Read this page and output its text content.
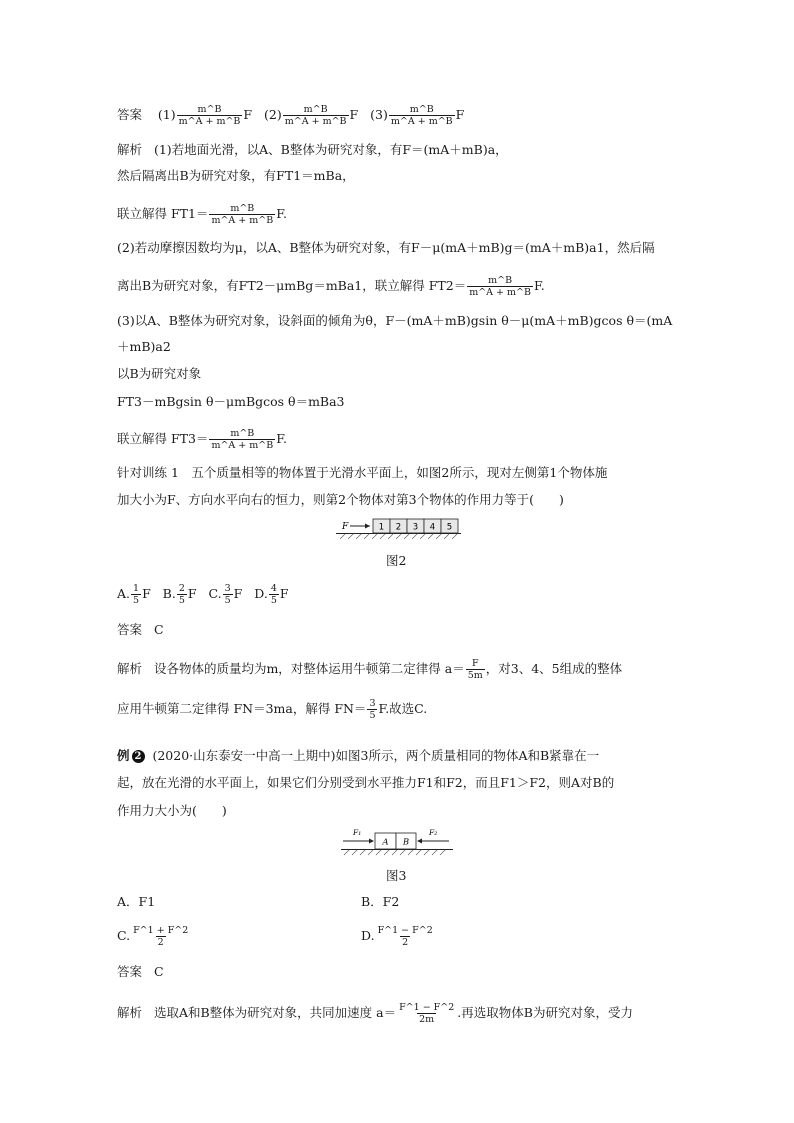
答案 $(1) \frac{m\^{}B}{m\^{}A + m\^{}B}$ F $(2) \frac{m\^{}B}{m\^{}A + m\^{}B}$ F $(3) \frac{m\^{}B}{m\^{}A + m\^{}B}$ F
解析 (1)若地面光滑，以A、B整体为研究对象，有F＝(mA＋mB)a，
然后隔离出B为研究对象，有FT1＝mBa，
联立解得 $FT1= \frac{m\^{}B}{m\^{}A + m\^{}B} F$.
(2)若动摩擦因数均为μ，以A、B整体为研究对象，有F－μ(mA＋mB)g＝(mA＋mB)a1，然后隔
离出B为研究对象，有FT2－μmBg＝mBa1，联立解得 $FT2= \frac{m\^{}B}{m\^{}A + m\^{}B} F$.
(3)以A、B整体为研究对象，设斜面的倾角为θ，F－(mA＋mB)gsin θ－μ(mA＋mB)gcos θ＝(mA
＋mB)a2
以B为研究对象
FT3－mBgsin θ－μmBgcos θ＝mBa3
联立解得 $FT3= \frac{m\^{}B}{m\^{}A + m\^{}B} F$.
针对训练 1　五个质量相等的物体置于光滑水平面上，如图2所示，现对左侧第1个物体施
加大小为F、方向水平向右的恒力，则第2个物体对第3个物体的作用力等于(　　)
F	1 2 3 4 5
图2
A. $\frac{1}{5}$ F B. $\frac{2}{5}$ F C. $\frac{3}{5}$ F D. $\frac{4}{5}$ F
答案 C
解析 设各物体的质量均为m，对整体运用牛顿第二定律得 $a= \frac{F}{5m}$ ，对3、4、5组成的整体
应用牛顿第二定律得 FN＝3ma，解得 $FN= \frac{3}{5} F$.故选C.
例 2 (2020·山东泰安一中高一上期中)如图3所示，两个质量相同的物体A和B紧靠在一
起，放在光滑的水平面上，如果它们分别受到水平推力F1和F2，而且F1＞F2，则A对B的
作用力大小为(　　)
F₁
A B
F₂
图3
A．F1	B．F2
C. $\frac{F\^{}1 + F\^{}2}{2}$	D. $\frac{F\^{}1 - F\^{}2}{2}$
答案 C
解析 选取A和B整体为研究对象，共同加速度 $a= \frac{F\^{}1 - F\^{}2}{2m}$ .再选取物体B为研究对象，受力
